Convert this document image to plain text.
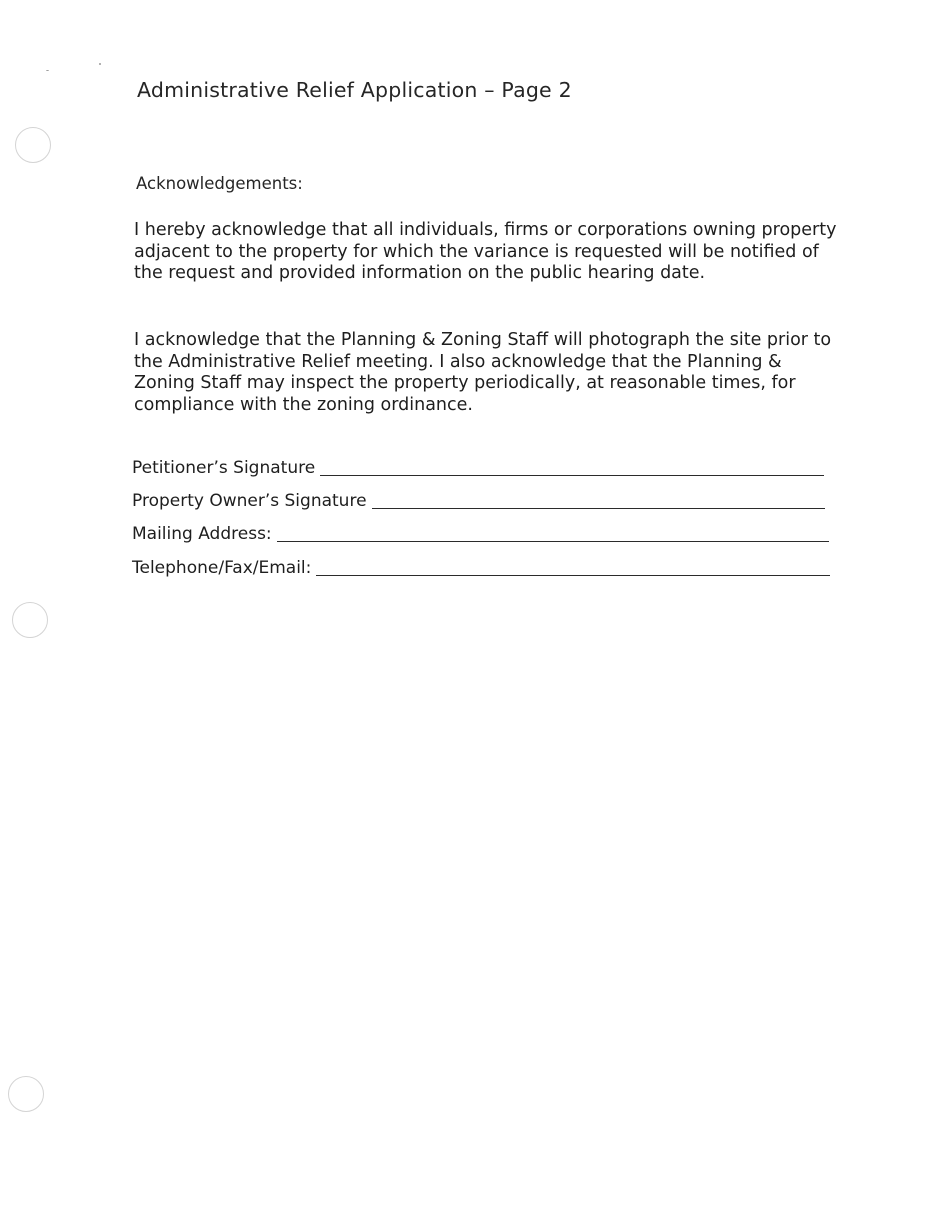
Administrative Relief Application – Page 2
Acknowledgements:

I hereby acknowledge that all individuals, firms or corporations owning property adjacent to the property for which the variance is requested will be notified of the request and provided information on the public hearing date.

I acknowledge that the Planning & Zoning Staff will photograph the site prior to the Administrative Relief meeting. I also acknowledge that the Planning & Zoning Staff may inspect the property periodically, at reasonable times, for compliance with the zoning ordinance.

Petitioner’s Signature
Property Owner’s Signature
Mailing Address:
Telephone/Fax/Email:
